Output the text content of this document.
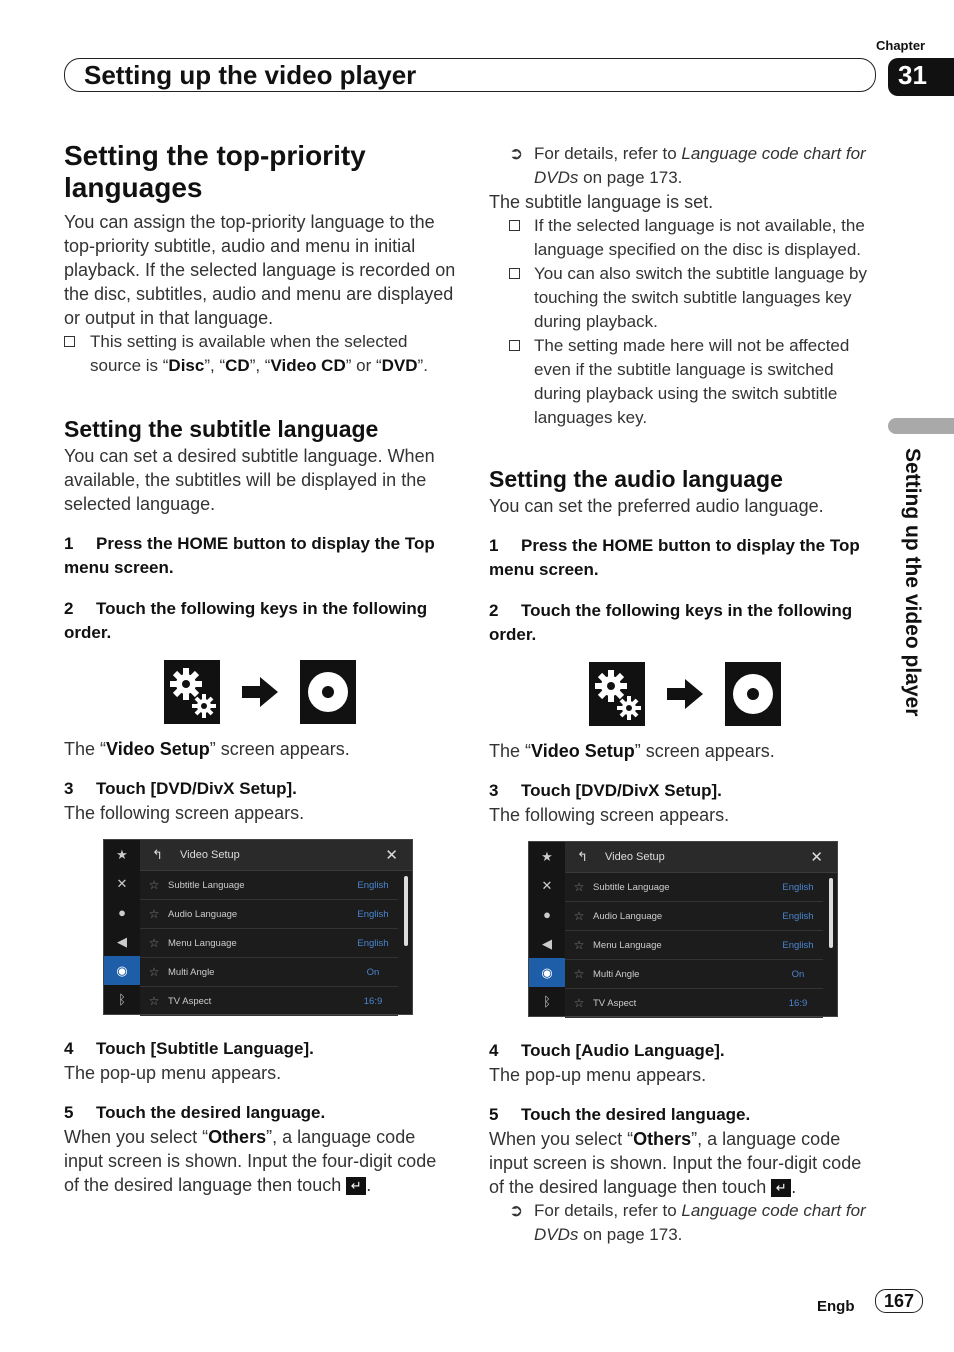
Chapter
Setting up the video player	31
Setting up the video player
Setting the top-priority languages

You can assign the top-priority language to the top-priority subtitle, audio and menu in initial playback. If the selected language is recorded on the disc, subtitles, audio and menu are displayed or output in that language.

This setting is available when the selected source is “Disc”, “CD”, “Video CD” or “DVD”.

Setting the subtitle language

You can set a desired subtitle language. When available, the subtitles will be displayed in the selected language.

1 Press the HOME button to display the Top menu screen.

2 Touch the following keys in the following order.

The “Video Setup” screen appears.

3 Touch [DVD/DivX Setup].

The following screen appears.

★
✕
●
◀
◉
ᛒ
↰ Video Setup	✕
☆ Subtitle Language	English
☆ Audio Language	English
☆ Menu Language	English
☆ Multi Angle	On
☆ TV Aspect	16:9

4 Touch [Subtitle Language].

The pop-up menu appears.

5 Touch the desired language.

When you select “Others”, a language code input screen is shown. Input the four-digit code of the desired language then touch ↵ .

➲ For details, refer to Language code chart for DVDs on page 173.

The subtitle language is set.

If the selected language is not available, the language specified on the disc is displayed.

You can also switch the subtitle language by touching the switch subtitle languages key during playback.

The setting made here will not be affected even if the subtitle language is switched during playback using the switch subtitle languages key.

Setting the audio language

You can set the preferred audio language.

1 Press the HOME button to display the Top menu screen.

2 Touch the following keys in the following order.

The “Video Setup” screen appears.

3 Touch [DVD/DivX Setup].

The following screen appears.

★
✕
●
◀
◉
ᛒ
↰ Video Setup	✕
☆ Subtitle Language	English
☆ Audio Language	English
☆ Menu Language	English
☆ Multi Angle	On
☆ TV Aspect	16:9

4 Touch [Audio Language].

The pop-up menu appears.

5 Touch the desired language.

When you select “Others”, a language code input screen is shown. Input the four-digit code of the desired language then touch ↵ .

➲ For details, refer to Language code chart for DVDs on page 173.

Engb	167
